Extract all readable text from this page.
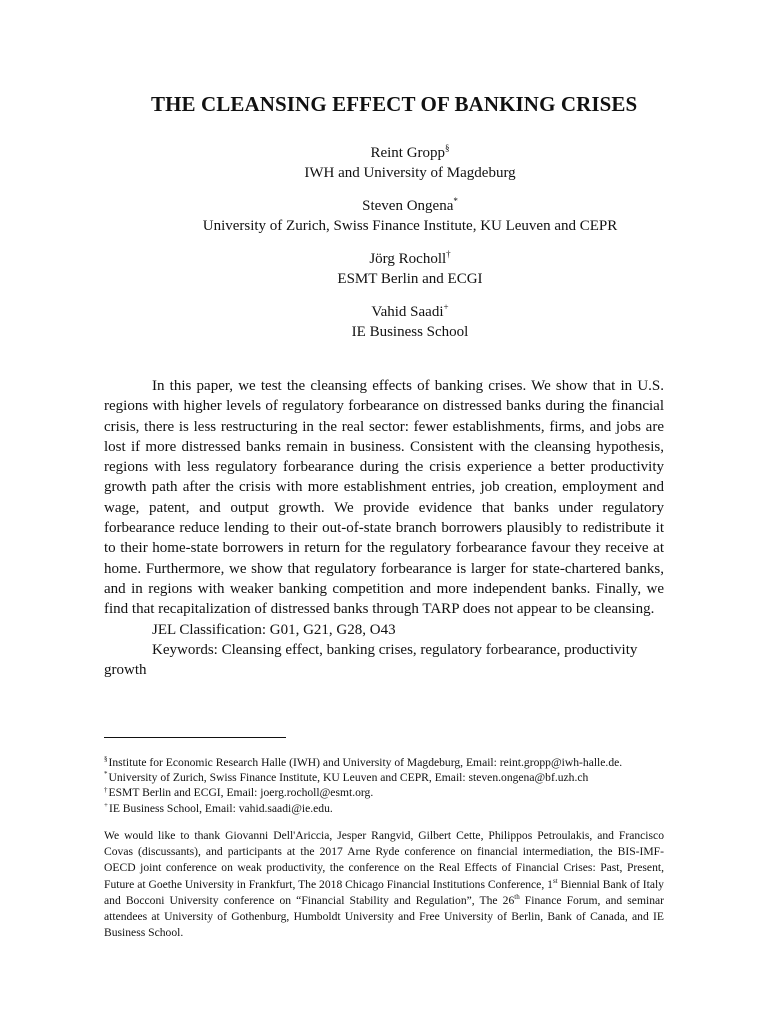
THE CLEANSING EFFECT OF BANKING CRISES
Reint Gropp§
IWH and University of Magdeburg
Steven Ongena*
University of Zurich, Swiss Finance Institute, KU Leuven and CEPR
Jörg Rocholl†
ESMT Berlin and ECGI
Vahid Saadi+
IE Business School

In this paper, we test the cleansing effects of banking crises. We show that in U.S. regions with higher levels of regulatory forbearance on distressed banks during the financial crisis, there is less restructuring in the real sector: fewer establishments, firms, and jobs are lost if more distressed banks remain in business. Consistent with the cleansing hypothesis, regions with less regulatory forbearance during the crisis experience a better productivity growth path after the crisis with more establishment entries, job creation, employment and wage, patent, and output growth. We provide evidence that banks under regulatory forbearance reduce lending to their out-of-state branch borrowers plausibly to redistribute it to their home-state borrowers in return for the regulatory forbearance favour they receive at home. Furthermore, we show that regulatory forbearance is larger for state-chartered banks, and in regions with weaker banking competition and more independent banks. Finally, we find that recapitalization of distressed banks through TARP does not appear to be cleansing.

JEL Classification: G01, G21, G28, O43

Keywords: Cleansing effect, banking crises, regulatory forbearance, productivity growth

§Institute for Economic Research Halle (IWH) and University of Magdeburg, Email: reint.gropp@iwh-halle.de.

*University of Zurich, Swiss Finance Institute, KU Leuven and CEPR, Email: steven.ongena@bf.uzh.ch

†ESMT Berlin and ECGI, Email: joerg.rocholl@esmt.org.

+IE Business School, Email: vahid.saadi@ie.edu.

We would like to thank Giovanni Dell'Ariccia, Jesper Rangvid, Gilbert Cette, Philippos Petroulakis, and Francisco Covas (discussants), and participants at the 2017 Arne Ryde conference on financial intermediation, the BIS-IMF-OECD joint conference on weak productivity, the conference on the Real Effects of Financial Crises: Past, Present, Future at Goethe University in Frankfurt, The 2018 Chicago Financial Institutions Conference, 1st Biennial Bank of Italy and Bocconi University conference on “Financial Stability and Regulation”, The 26th Finance Forum, and seminar attendees at University of Gothenburg, Humboldt University and Free University of Berlin, Bank of Canada, and IE Business School.
